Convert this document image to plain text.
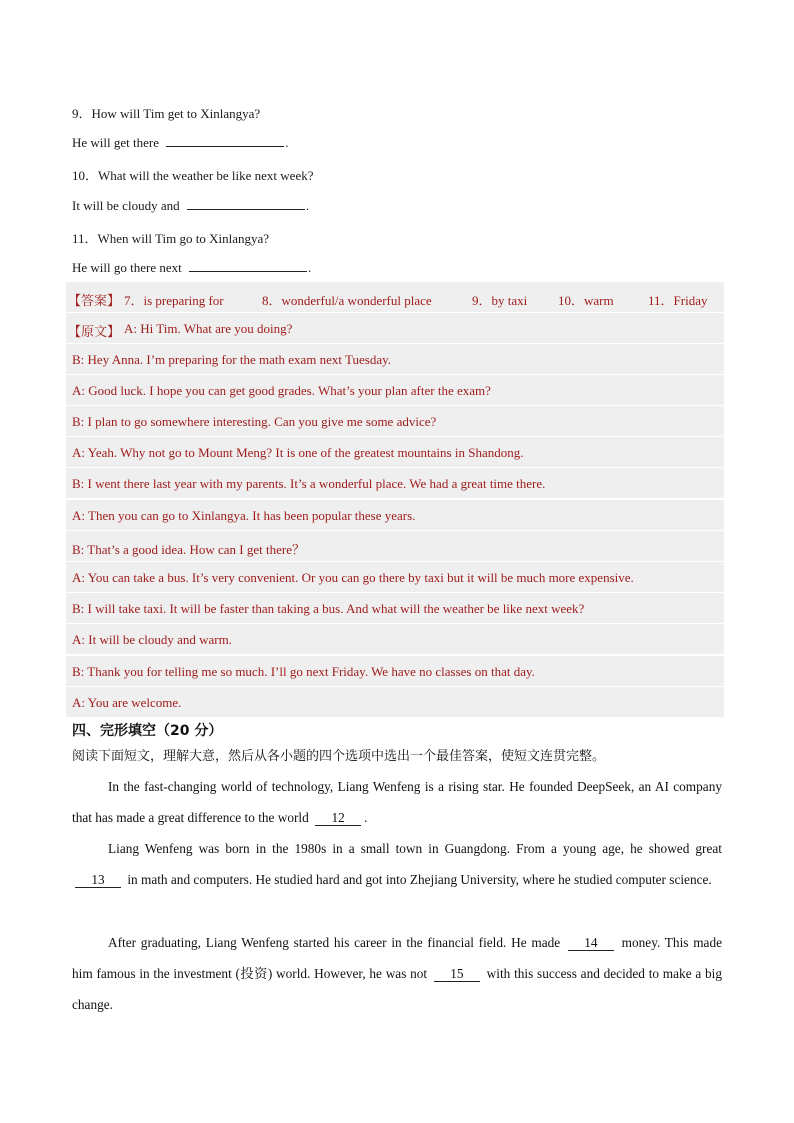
9．How will Tim get to Xinlangya?
He will get there	.
10．What will the weather be like next week?
It will be cloudy and	.
11．When will Tim go to Xinlangya?
He will go there next	.
【答案】 7．is preparing for	8．wonderful/a wonderful place	9．by taxi 10．warm	11．Friday
【原文】 A: Hi Tim. What are you doing?
B: Hey Anna. I’m preparing for the math exam next Tuesday.
A: Good luck. I hope you can get good grades. What’s your plan after the exam?
B: I plan to go somewhere interesting. Can you give me some advice?
A: Yeah. Why not go to Mount Meng? It is one of the greatest mountains in Shandong.
B: I went there last year with my parents. It’s a wonderful place. We had a great time there.
A: Then you can go to Xinlangya. It has been popular these years.
B: That’s a good idea. How can I get there？
A: You can take a bus. It’s very convenient. Or you can go there by taxi but it will be much more expensive.
B: I will take taxi. It will be faster than taking a bus. And what will the weather be like next week?
A: It will be cloudy and warm.
B: Thank you for telling me so much. I’ll go next Friday. We have no classes on that day.
A: You are welcome.
四、完形填空（20 分）
阅读下面短文，理解大意，然后从各小题的四个选项中选出一个最佳答案，使短文连贯完整。
In the fast-changing world of technology, Liang Wenfeng is a rising star. He founded DeepSeek, an AI company that has made a great difference to the world 12 .
Liang Wenfeng was born in the 1980s in a small town in Guangdong. From a young age, he showed great 13 in math and computers. He studied hard and got into Zhejiang University, where he studied computer science.
After graduating, Liang Wenfeng started his career in the financial field. He made 14 money. This made him famous in the investment (投资) world. However, he was not 15 with this success and decided to make a big change.
